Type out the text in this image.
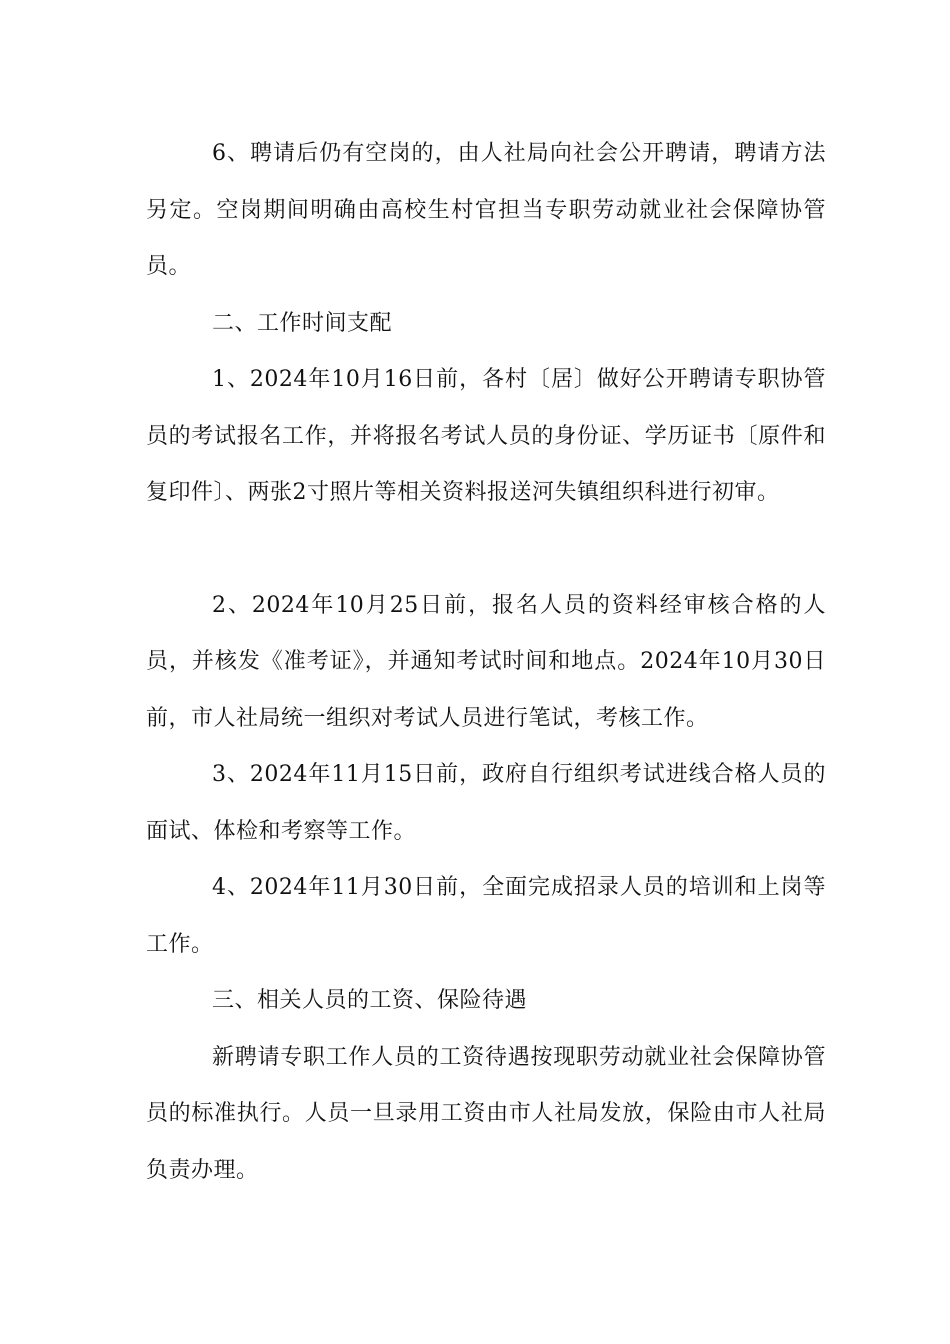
6、聘请后仍有空岗的，由人社局向社会公开聘请，聘请方法另定。空岗期间明确由高校生村官担当专职劳动就业社会保障协管员。

二、工作时间支配

1、2024年10月16日前，各村〔居〕做好公开聘请专职协管员的考试报名工作，并将报名考试人员的身份证、学历证书〔原件和复印件〕、两张2寸照片等相关资料报送河失镇组织科进行初审。

2、2024年10月25日前，报名人员的资料经审核合格的人员，并核发《准考证》，并通知考试时间和地点。2024年10月30日前，市人社局统一组织对考试人员进行笔试，考核工作。

3、2024年11月15日前，政府自行组织考试进线合格人员的面试、体检和考察等工作。

4、2024年11月30日前，全面完成招录人员的培训和上岗等工作。

三、相关人员的工资、保险待遇

新聘请专职工作人员的工资待遇按现职劳动就业社会保障协管员的标准执行。人员一旦录用工资由市人社局发放，保险由市人社局负责办理。
